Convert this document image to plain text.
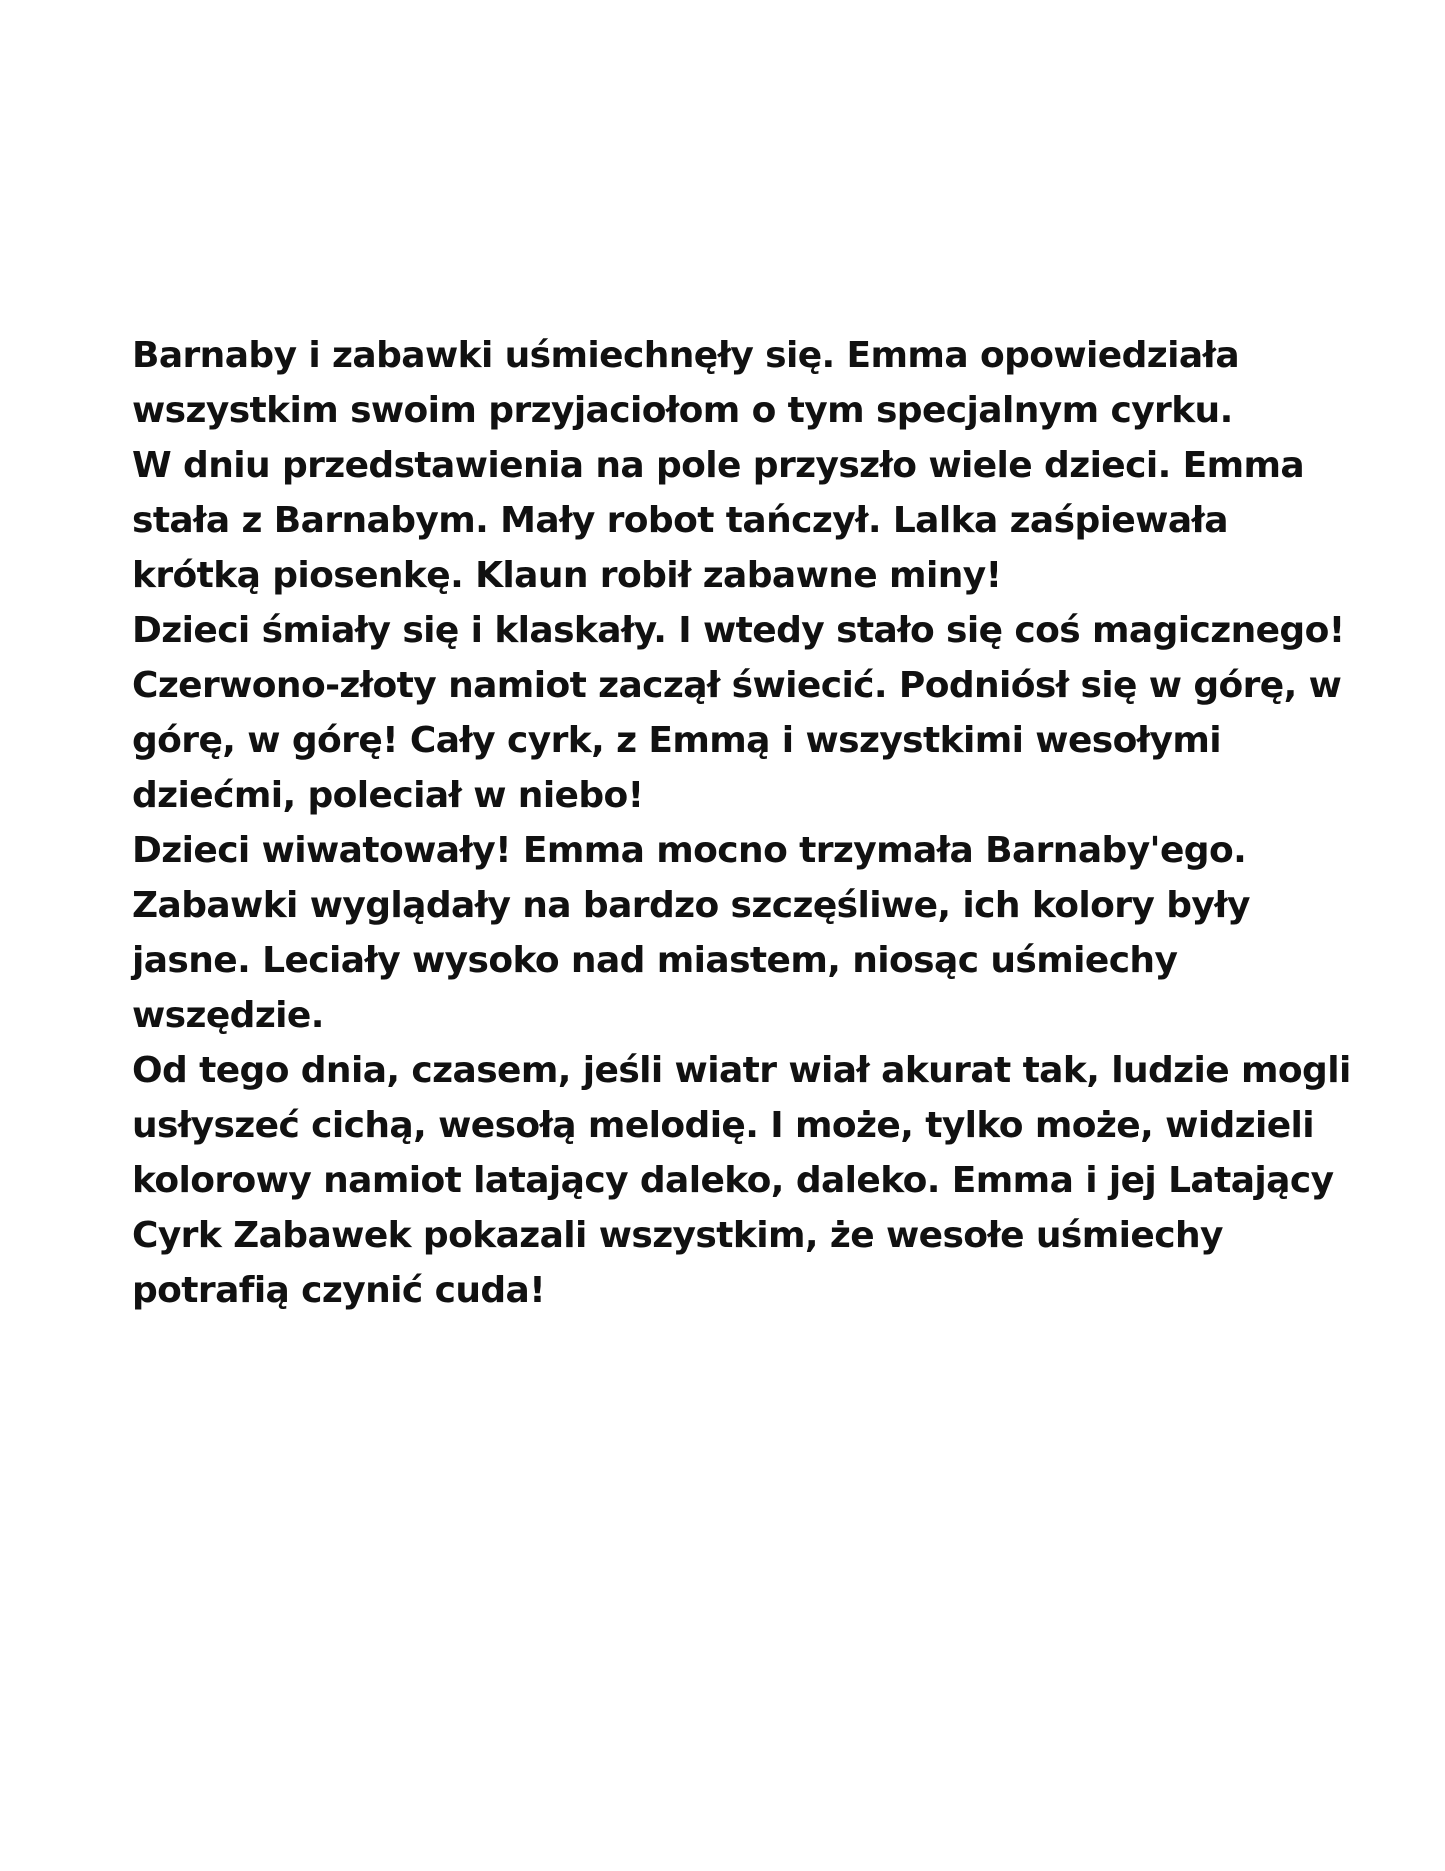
Barnaby i zabawki uśmiechnęły się. Emma opowiedziała
wszystkim swoim przyjaciołom o tym specjalnym cyrku.
W dniu przedstawienia na pole przyszło wiele dzieci. Emma
stała z Barnabym. Mały robot tańczył. Lalka zaśpiewała
krótką piosenkę. Klaun robił zabawne miny!
Dzieci śmiały się i klaskały. I wtedy stało się coś magicznego!
Czerwono-złoty namiot zaczął świecić. Podniósł się w górę, w
górę, w górę! Cały cyrk, z Emmą i wszystkimi wesołymi
dziećmi, poleciał w niebo!
Dzieci wiwatowały! Emma mocno trzymała Barnaby'ego.
Zabawki wyglądały na bardzo szczęśliwe, ich kolory były
jasne. Leciały wysoko nad miastem, niosąc uśmiechy
wszędzie.
Od tego dnia, czasem, jeśli wiatr wiał akurat tak, ludzie mogli
usłyszeć cichą, wesołą melodię. I może, tylko może, widzieli
kolorowy namiot latający daleko, daleko. Emma i jej Latający
Cyrk Zabawek pokazali wszystkim, że wesołe uśmiechy
potrafią czynić cuda!
